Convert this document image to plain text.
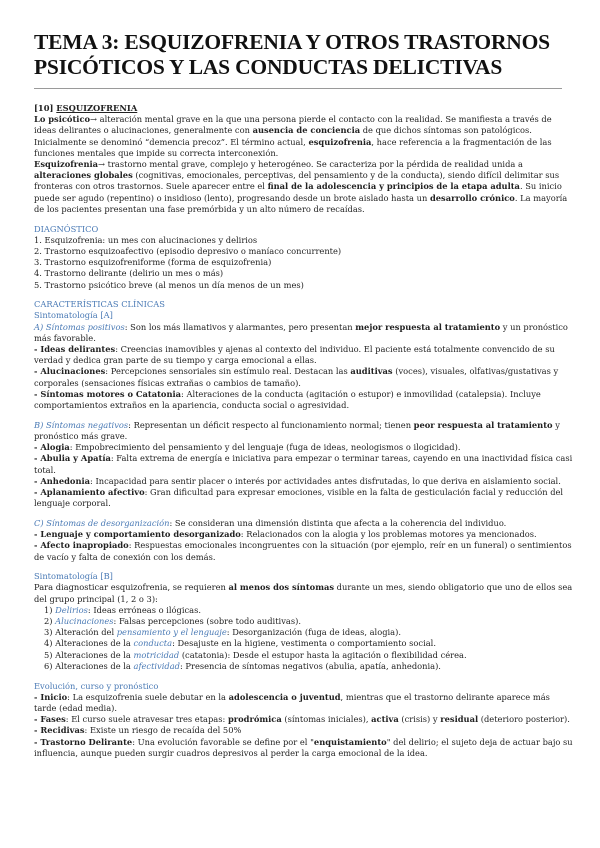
TEMA 3: ESQUIZOFRENIA Y OTROS TRASTORNOS
PSICÓTICOS Y LAS CONDUCTAS DELICTIVAS

[10] ESQUIZOFRENIA

Lo psicótico→ alteración mental grave en la que una persona pierde el contacto con la realidad. Se manifiesta a través de ideas delirantes o alucinaciones, generalmente con ausencia de conciencia de que dichos síntomas son patológicos. Inicialmente se denominó “demencia precoz”. El término actual, esquizofrenia, hace referencia a la fragmentación de las funciones mentales que impide su correcta interconexión.

Esquizofrenia→ trastorno mental grave, complejo y heterogéneo. Se caracteriza por la pérdida de realidad unida a alteraciones globales (cognitivas, emocionales, perceptivas, del pensamiento y de la conducta), siendo difícil delimitar sus fronteras con otros trastornos. Suele aparecer entre el final de la adolescencia y principios de la etapa adulta. Su inicio puede ser agudo (repentino) o insidioso (lento), progresando desde un brote aislado hasta un desarrollo crónico. La mayoría de los pacientes presentan una fase premórbida y un alto número de recaídas.

DIAGNÓSTICO

1. Esquizofrenia: un mes con alucinaciones y delirios

2. Trastorno esquizoafectivo (episodio depresivo o maníaco concurrente)

3. Trastorno esquizofreniforme (forma de esquizofrenia)

4. Trastorno delirante (delirio un mes o más)

5. Trastorno psicótico breve (al menos un día menos de un mes)

CARACTERÍSTICAS CLÍNICAS

Sintomatología [A]

A) Síntomas positivos: Son los más llamativos y alarmantes, pero presentan mejor respuesta al tratamiento y un pronóstico más favorable.

- Ideas delirantes: Creencias inamovibles y ajenas al contexto del individuo. El paciente está totalmente convencido de su verdad y dedica gran parte de su tiempo y carga emocional a ellas.

- Alucinaciones: Percepciones sensoriales sin estímulo real. Destacan las auditivas (voces), visuales, olfativas/gustativas y corporales (sensaciones físicas extrañas o cambios de tamaño).

- Síntomas motores o Catatonia: Alteraciones de la conducta (agitación o estupor) e inmovilidad (catalepsia). Incluye comportamientos extraños en la apariencia, conducta social o agresividad.

B) Síntomas negativos: Representan un déficit respecto al funcionamiento normal; tienen peor respuesta al tratamiento y pronóstico más grave.

- Alogia: Empobrecimiento del pensamiento y del lenguaje (fuga de ideas, neologismos o ilogicidad).

- Abulia y Apatía: Falta extrema de energía e iniciativa para empezar o terminar tareas, cayendo en una inactividad física casi total.

- Anhedonia: Incapacidad para sentir placer o interés por actividades antes disfrutadas, lo que deriva en aislamiento social.

- Aplanamiento afectivo: Gran dificultad para expresar emociones, visible en la falta de gesticulación facial y reducción del lenguaje corporal.

C) Síntomas de desorganización: Se consideran una dimensión distinta que afecta a la coherencia del individuo.

- Lenguaje y comportamiento desorganizado: Relacionados con la alogia y los problemas motores ya mencionados.

- Afecto inapropiado: Respuestas emocionales incongruentes con la situación (por ejemplo, reír en un funeral) o sentimientos de vacío y falta de conexión con los demás.

Sintomatología [B]

Para diagnosticar esquizofrenia, se requieren al menos dos síntomas durante un mes, siendo obligatorio que uno de ellos sea del grupo principal (1, 2 o 3):

1) Delirios: Ideas erróneas o ilógicas.

2) Alucinaciones: Falsas percepciones (sobre todo auditivas).

3) Alteración del pensamiento y el lenguaje: Desorganización (fuga de ideas, alogia).

4) Alteraciones de la conducta: Desajuste en la higiene, vestimenta o comportamiento social.

5) Alteraciones de la motricidad (catatonia): Desde el estupor hasta la agitación o flexibilidad cérea.

6) Alteraciones de la afectividad: Presencia de síntomas negativos (abulia, apatía, anhedonia).

Evolución, curso y pronóstico

- Inicio: La esquizofrenia suele debutar en la adolescencia o juventud, mientras que el trastorno delirante aparece más tarde (edad media).

- Fases: El curso suele atravesar tres etapas: prodrómica (síntomas iniciales), activa (crisis) y residual (deterioro posterior).

- Recidivas: Existe un riesgo de recaída del 50%

- Trastorno Delirante: Una evolución favorable se define por el "enquistamiento" del delirio; el sujeto deja de actuar bajo su influencia, aunque pueden surgir cuadros depresivos al perder la carga emocional de la idea.
